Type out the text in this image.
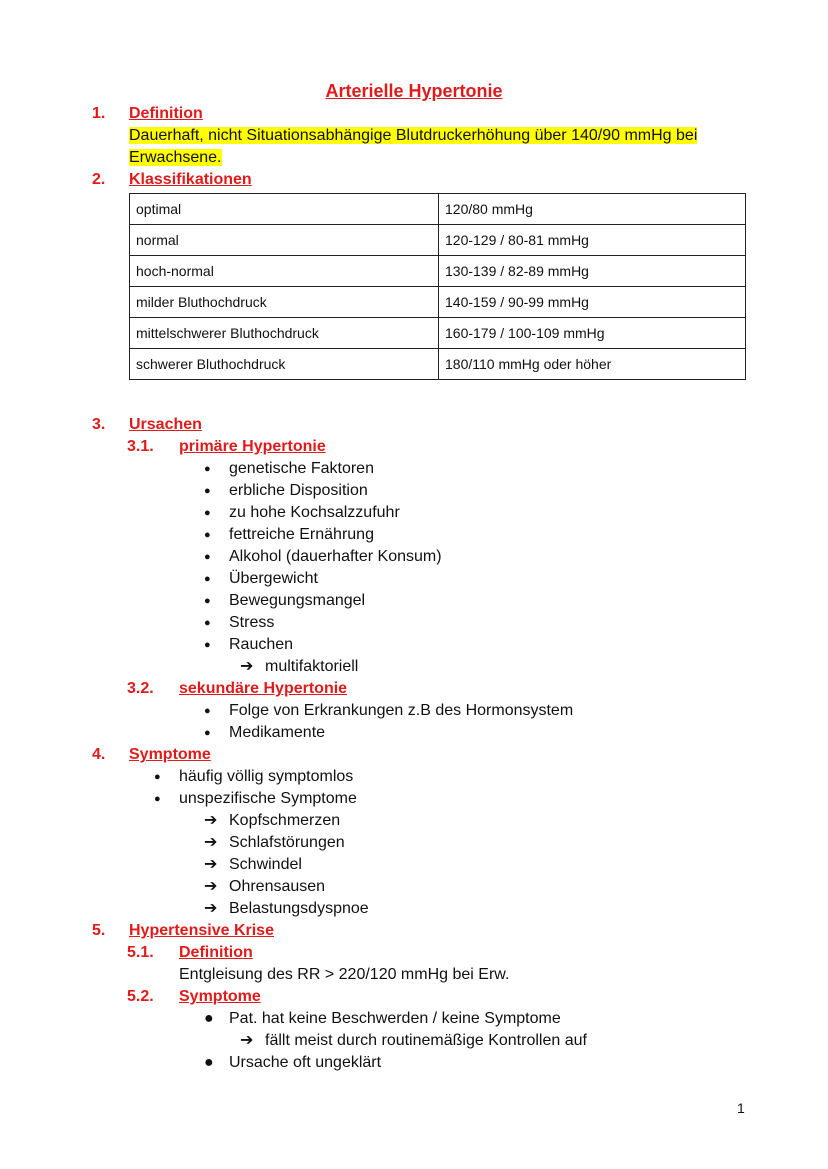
Arterielle Hypertonie
1. Definition
Dauerhaft, nicht Situationsabhängige Blutdruckerhöhung über 140/90 mmHg bei
Erwachsene.
2. Klassifikationen
optimal	120/80 mmHg
normal	120-129 / 80-81 mmHg
hoch-normal	130-139 / 82-89 mmHg
milder Bluthochdruck	140-159 / 90-99 mmHg
mittelschwerer Bluthochdruck	160-179 / 100-109 mmHg
schwerer Bluthochdruck	180/110 mmHg oder höher
3. Ursachen
3.1. primäre Hypertonie
● genetische Faktoren
● erbliche Disposition
● zu hohe Kochsalzzufuhr
● fettreiche Ernährung
● Alkohol (dauerhafter Konsum)
● Übergewicht
● Bewegungsmangel
● Stress
● Rauchen
➔ multifaktoriell
3.2. sekundäre Hypertonie
● Folge von Erkrankungen z.B des Hormonsystem
● Medikamente
4. Symptome
● häufig völlig symptomlos
● unspezifische Symptome
➔ Kopfschmerzen
➔ Schlafstörungen
➔ Schwindel
➔ Ohrensausen
➔ Belastungsdyspnoe
5. Hypertensive Krise
5.1. Definition
Entgleisung des RR > 220/120 mmHg bei Erw.
5.2. Symptome
● Pat. hat keine Beschwerden / keine Symptome
➔ fällt meist durch routinemäßige Kontrollen auf
● Ursache oft ungeklärt
1
